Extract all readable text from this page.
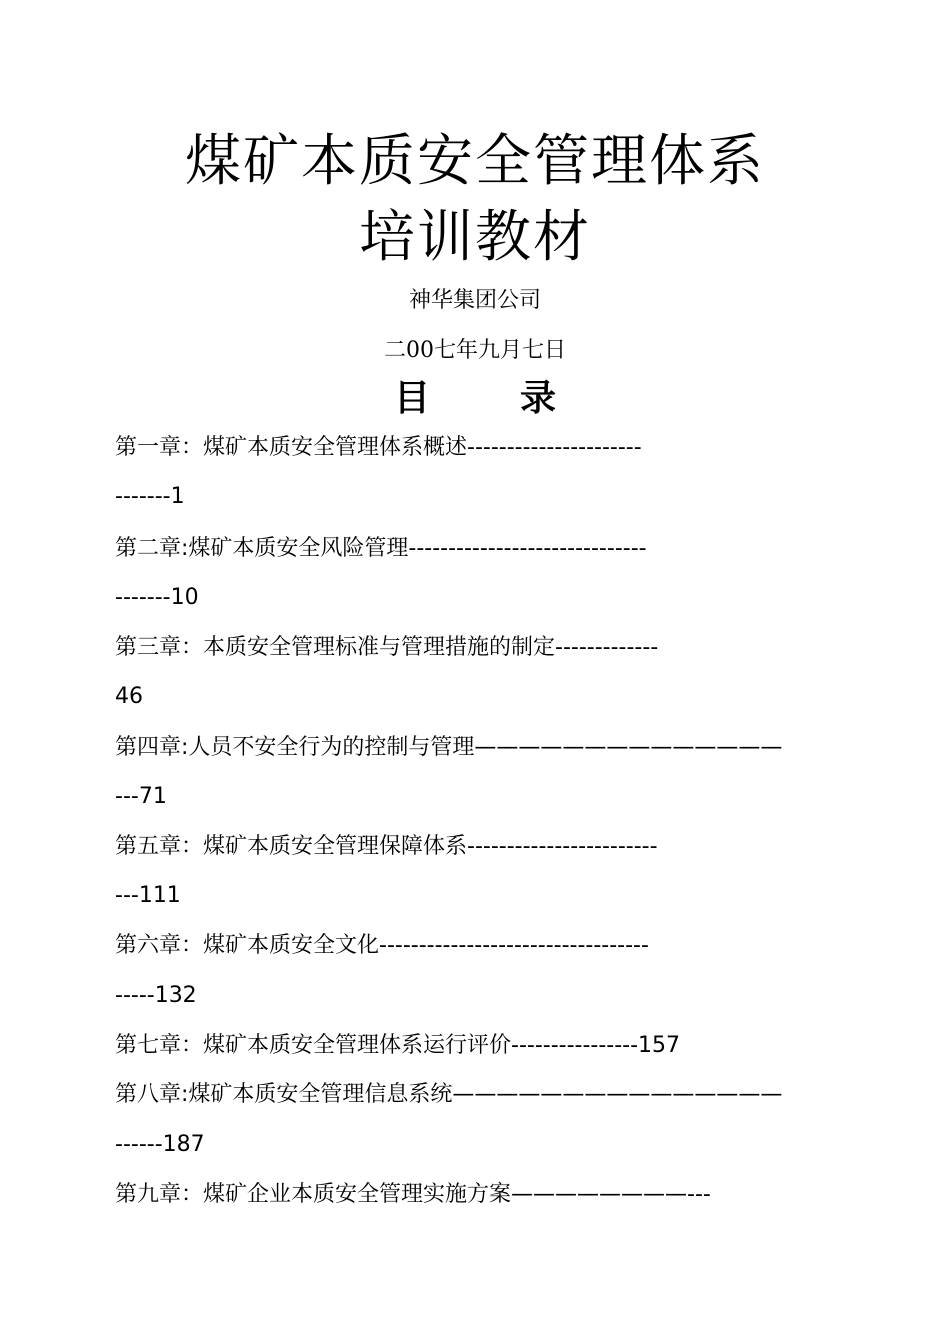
煤矿本质安全管理体系
培训教材
神华集团公司
二00七年九月七日
目录
第一章：煤矿本质安全管理体系概述----------------------
-------1
第二章:煤矿本质安全风险管理------------------------------
-------10
第三章：本质安全管理标准与管理措施的制定-------------
46
第四章:人员不安全行为的控制与管理——————————————
---71
第五章：煤矿本质安全管理保障体系------------------------
---111
第六章：煤矿本质安全文化----------------------------------
-----132
第七章：煤矿本质安全管理体系运行评价----------------157
第八章:煤矿本质安全管理信息系统———————————————
------187
第九章：煤矿企业本质安全管理实施方案————————---
